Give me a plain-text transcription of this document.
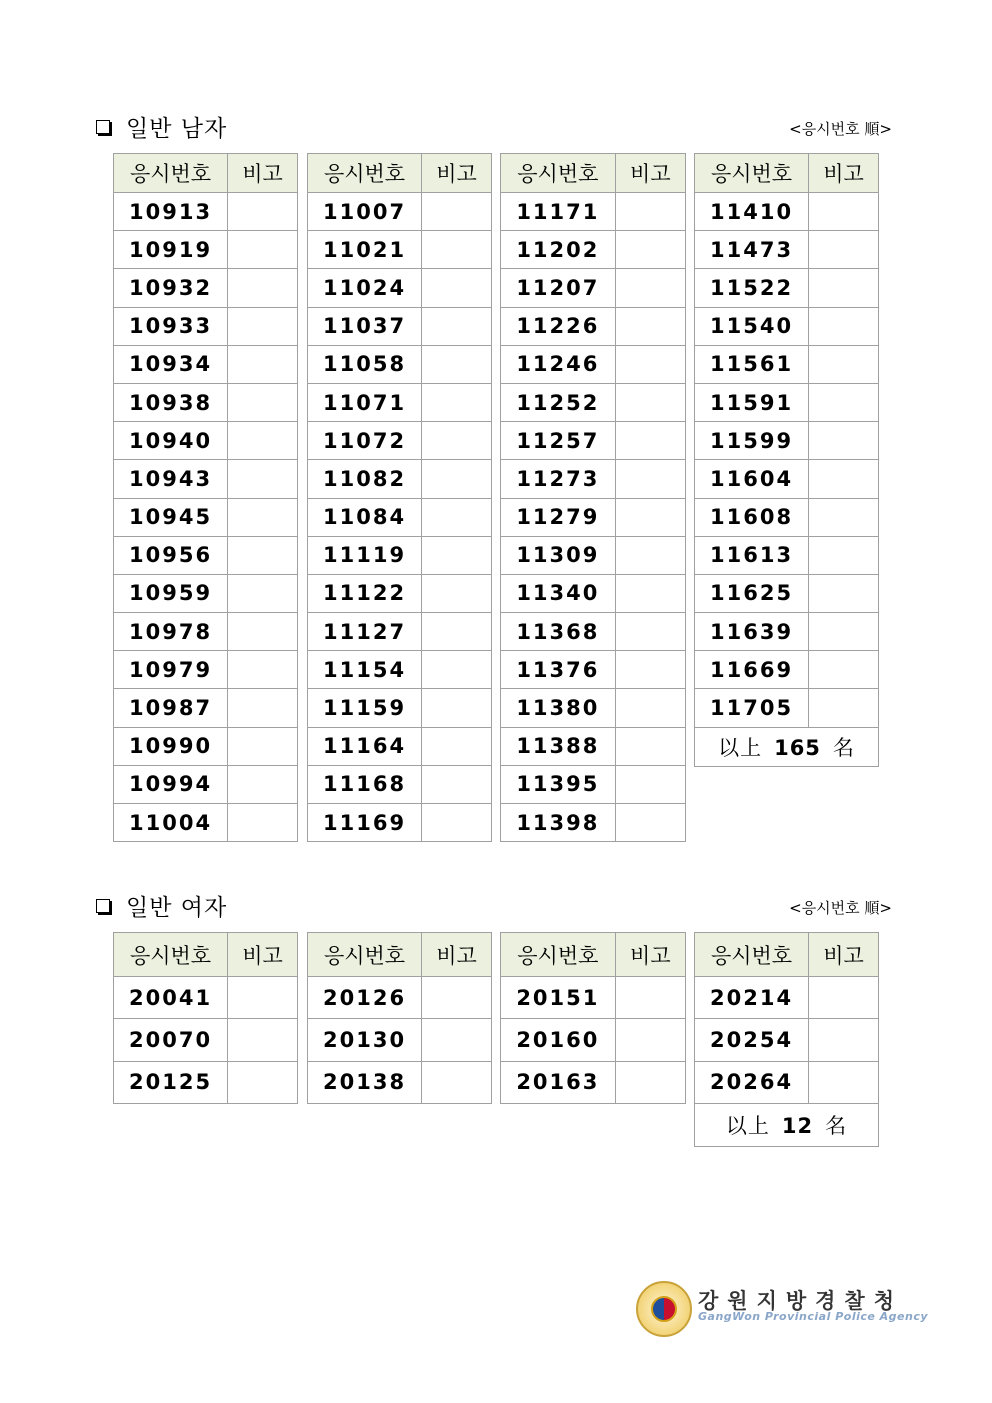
일반 남자	<응시번호 順>
응시번호	비고
10913	
10919	
10932	
10933	
10934	
10938	
10940	
10943	
10945	
10956	
10959	
10978	
10979	
10987	
10990	
10994	
11004	
응시번호	비고
11007	
11021	
11024	
11037	
11058	
11071	
11072	
11082	
11084	
11119	
11122	
11127	
11154	
11159	
11164	
11168	
11169	
응시번호	비고
11171	
11202	
11207	
11226	
11246	
11252	
11257	
11273	
11279	
11309	
11340	
11368	
11376	
11380	
11388	
11395	
11398	
응시번호	비고
11410	
11473	
11522	
11540	
11561	
11591	
11599	
11604	
11608	
11613	
11625	
11639	
11669	
11705	
以上 165 名	
일반 여자	<응시번호 順>
응시번호	비고
20041	
20070	
20125	
응시번호	비고
20126	
20130	
20138	
응시번호	비고
20151	
20160	
20163	
응시번호	비고
20214	
20254	
20264	
以上 12 名	
강원지방경찰청
GangWon Provincial Police Agency
